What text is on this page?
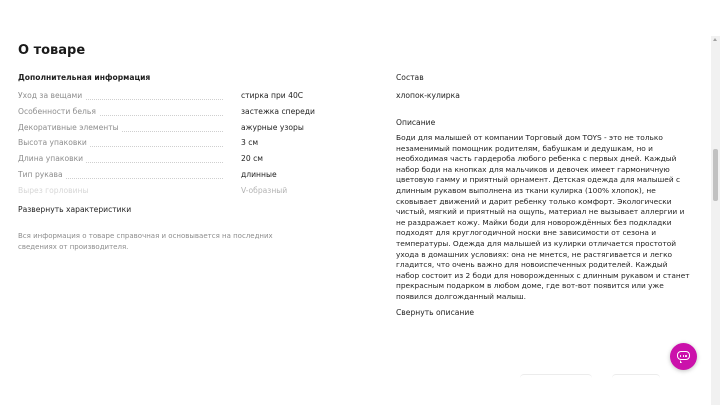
О товаре
Дополнительная информация
Уход за вещами	стирка при 40С
Особенности белья	застежка спереди
Декоративные элементы	ажурные узоры
Высота упаковки	3 см
Длина упаковки	20 см
Тип рукава	длинные
Вырез горловины	V-образный
Развернуть характеристики
Вся информация о товаре справочная и основывается на последних сведениях от производителя.
Состав
хлопок-кулирка
Описание
Боди для малышей от компании Торговый дом TOYS - это не только незаменимый помощник родителям, бабушкам и дедушкам, но и необходимая часть гардероба любого ребенка с первых дней. Каждый набор боди на кнопках для мальчиков и девочек имеет гармоничную цветовую гамму и приятный орнамент. Детская одежда для малышей с длинным рукавом выполнена из ткани кулирка (100% хлопок), не сковывает движений и дарит ребенку только комфорт. Экологически чистый, мягкий и приятный на ощупь, материал не вызывает аллергии и не раздражает кожу. Майки боди для новорождённых без подкладки подходят для круглогодичной носки вне зависимости от сезона и температуры. Одежда для малышей из кулирки отличается простотой ухода в домашних условиях: она не мнется, не растягивается и легко гладится, что очень важно для новоиспеченных родителей. Каждый набор состоит из 2 боди для новорожденных с длинным рукавом и станет прекрасным подарком в любом доме, где вот-вот появится или уже появился долгожданный малыш.
Свернуть описание
